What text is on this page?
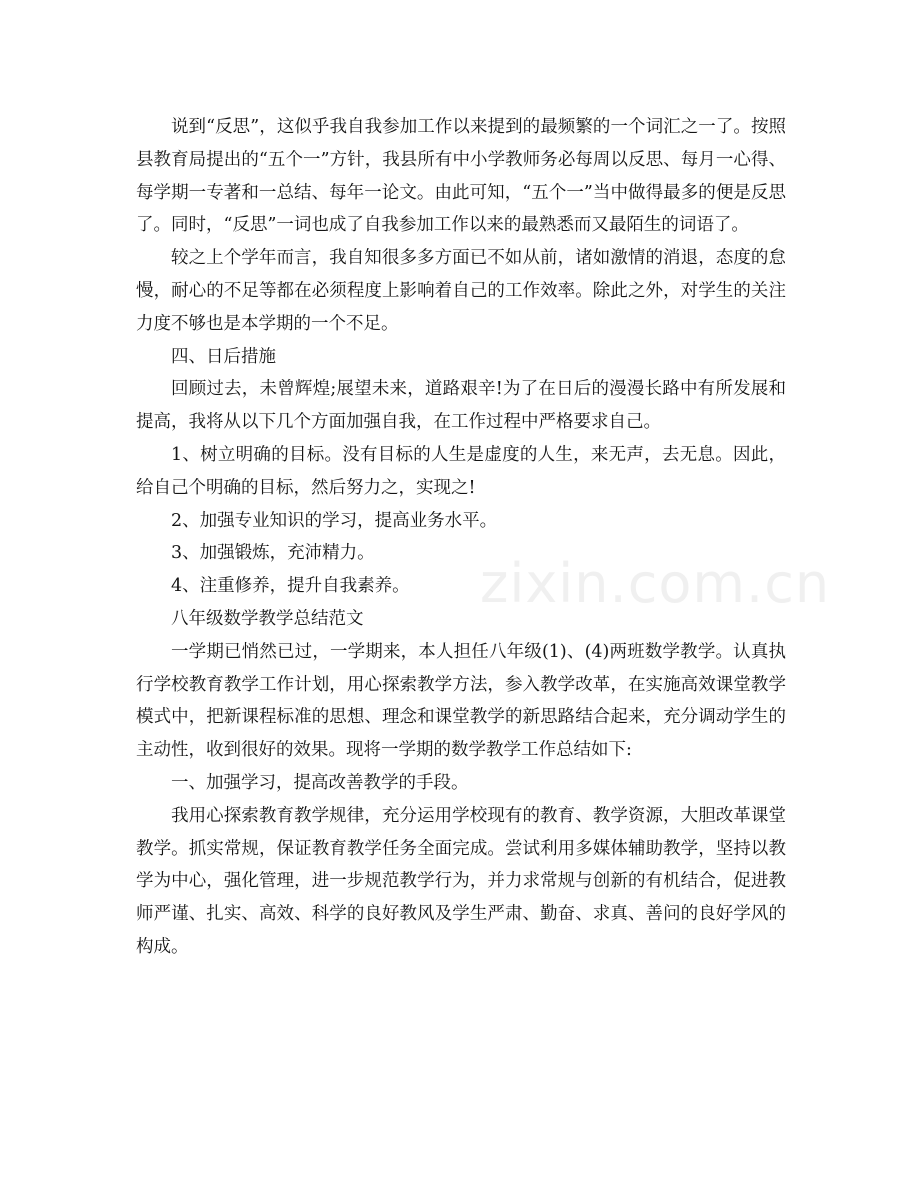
说到“反思”，这似乎我自我参加工作以来提到的最频繁的一个词汇之一了。按照县教育局提出的“五个一”方针，我县所有中小学教师务必每周以反思、每月一心得、每学期一专著和一总结、每年一论文。由此可知，“五个一”当中做得最多的便是反思了。同时，“反思”一词也成了自我参加工作以来的最熟悉而又最陌生的词语了。

较之上个学年而言，我自知很多多方面已不如从前，诸如激情的消退，态度的怠慢，耐心的不足等都在必须程度上影响着自己的工作效率。除此之外，对学生的关注力度不够也是本学期的一个不足。

四、日后措施

回顾过去，未曾辉煌;展望未来，道路艰辛!为了在日后的漫漫长路中有所发展和提高，我将从以下几个方面加强自我，在工作过程中严格要求自己。

1、树立明确的目标。没有目标的人生是虚度的人生，来无声，去无息。因此，给自己个明确的目标，然后努力之，实现之!

2、加强专业知识的学习，提高业务水平。

3、加强锻炼，充沛精力。

4、注重修养，提升自我素养。

八年级数学教学总结范文

一学期已悄然已过，一学期来，本人担任八年级(1)、(4)两班数学教学。认真执行学校教育教学工作计划，用心探索教学方法，参入教学改革，在实施高效课堂教学模式中，把新课程标准的思想、理念和课堂教学的新思路结合起来，充分调动学生的主动性，收到很好的效果。现将一学期的数学教学工作总结如下:

一、加强学习，提高改善教学的手段。

我用心探索教育教学规律，充分运用学校现有的教育、教学资源，大胆改革课堂教学。抓实常规，保证教育教学任务全面完成。尝试利用多媒体辅助教学，坚持以教学为中心，强化管理，进一步规范教学行为，并力求常规与创新的有机结合，促进教师严谨、扎实、高效、科学的良好教风及学生严肃、勤奋、求真、善问的良好学风的构成。

zixin.com.cn
